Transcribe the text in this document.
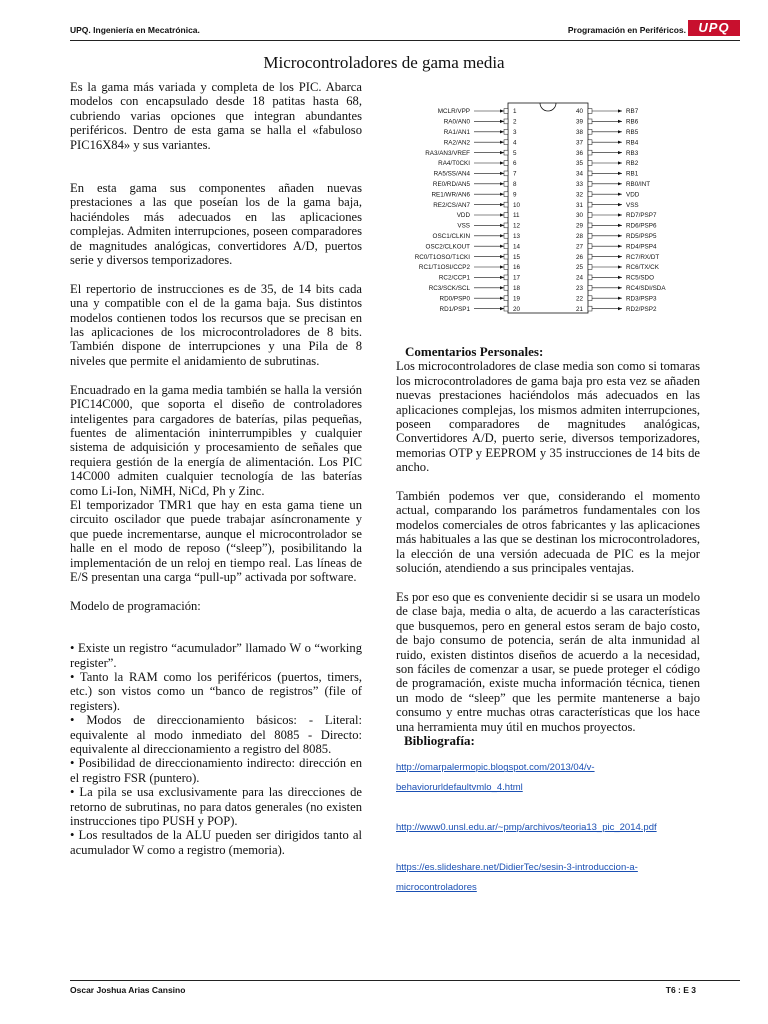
UPQ. Ingeniería en Mecatrónica.	Programación en Periféricos. UPQ
Microcontroladores de gama media

Es la gama más variada y completa de los PIC. Abarca modelos con encapsulado desde 18 patitas hasta 68, cubriendo varias opciones que integran abundantes periféricos. Dentro de esta gama se halla el «fabuloso PIC16X84» y sus variantes.

En esta gama sus componentes añaden nuevas prestaciones a las que poseían los de la gama baja, haciéndoles más adecuados en las aplicaciones complejas. Admiten interrupciones, poseen comparadores de magnitudes analógicas, convertidores A/D, puertos serie y diversos temporizadores.

El repertorio de instrucciones es de 35, de 14 bits cada una y compatible con el de la gama baja. Sus distintos modelos contienen todos los recursos que se precisan en las aplicaciones de los microcontroladores de 8 bits. También dispone de interrupciones y una Pila de 8 niveles que permite el anidamiento de subrutinas.

Encuadrado en la gama media también se halla la versión PIC14C000, que soporta el diseño de controladores inteligentes para cargadores de baterías, pilas pequeñas, fuentes de alimentación ininterrumpibles y cualquier sistema de adquisición y procesamiento de señales que requiera gestión de la energía de alimentación. Los PIC 14C000 admiten cualquier tecnología de las baterías como Li-Ion, NiMH, NiCd, Ph y Zinc.

El temporizador TMR1 que hay en esta gama tiene un circuito oscilador que puede trabajar asíncronamente y que puede incrementarse, aunque el microcontrolador se halle en el modo de reposo (“sleep”), posibilitando la implementación de un reloj en tiempo real. Las líneas de E/S presentan una carga “pull-up” activada por software.

Modelo de programación:

• Existe un registro “acumulador” llamado W o “working register”.
• Tanto la RAM como los periféricos (puertos, timers, etc.) son vistos como un “banco de registros” (file of registers).
• Modos de direccionamiento básicos: - Literal: equivalente al modo inmediato del 8085 - Directo: equivalente al direccionamiento a registro del 8085.
• Posibilidad de direccionamiento indirecto: dirección en el registro FSR (puntero).
• La pila se usa exclusivamente para las direcciones de retorno de subrutinas, no para datos generales (no existen instrucciones tipo PUSH y POP).
• Los resultados de la ALU pueden ser dirigidos tanto al acumulador W como a registro (memoria).
MCLR/VPP	1
RA0/AN0	2
RA1/AN1	3
RA2/AN2	4
RA3/AN3/VREF	5
RA4/T0CKI	6
RA5/SS/AN4	7
RE0/RD/AN5	8
RE1/WR/AN6	9
RE2/CS/AN7	10
VDD	11
VSS	12
OSC1/CLKIN	13
OSC2/CLKOUT	14
RC0/T1OSO/T1CKI	15
RC1/T1OSI/CCP2	16
RC2/CCP1	17
RC3/SCK/SCL	18
RD0/PSP0	19
RD1/PSP1	20
40	RB7
39	RB6
38	RB5
37	RB4
36	RB3
35	RB2
34	RB1
33	RB0/INT
32	VDD
31	VSS
30	RD7/PSP7
29	RD6/PSP6
28	RD5/PSP5
27	RD4/PSP4
26	RC7/RX/DT
25	RC6/TX/CK
24	RC5/SDO
23	RC4/SDI/SDA
22	RD3/PSP3
21	RD2/PSP2
Comentarios Personales:

Los microcontroladores de clase media son como si tomaras los microcontroladores de gama baja pro esta vez se añaden nuevas prestaciones haciéndolos más adecuados en las aplicaciones complejas, los mismos admiten interrupciones, poseen comparadores de magnitudes analógicas, Convertidores A/D, puerto serie, diversos temporizadores, memorias OTP y EEPROM y 35 instrucciones de 14 bits de ancho.

También podemos ver que, considerando el momento actual, comparando los parámetros fundamentales con los modelos comerciales de otros fabricantes y las aplicaciones más habituales a las que se destinan los microcontroladores, la elección de una versión adecuada de PIC es la mejor solución, atendiendo a sus principales ventajas.

Es por eso que es conveniente decidir si se usara un modelo de clase baja, media o alta, de acuerdo a las características que busquemos, pero en general estos seram de bajo costo, de bajo consumo de potencia, serán de alta inmunidad al ruido, existen distintos diseños de acuerdo a la necesidad, son fáciles de comenzar a usar, se puede proteger el código de programación, existe mucha información técnica, tienen un modo de “sleep” que les permite mantenerse a bajo consumo y entre muchas otras características que los hace una herramienta muy útil en muchos proyectos.

Bibliografía:
http://omarpalermopic.blogspot.com/2013/04/v-behaviorurldefaultvmlo_4.html
http://www0.unsl.edu.ar/~pmp/archivos/teoria13_pic_2014.pdf
https://es.slideshare.net/DidierTec/sesin-3-introduccion-a-microcontroladores
Oscar Joshua Arias Cansino	T6 : E 3
